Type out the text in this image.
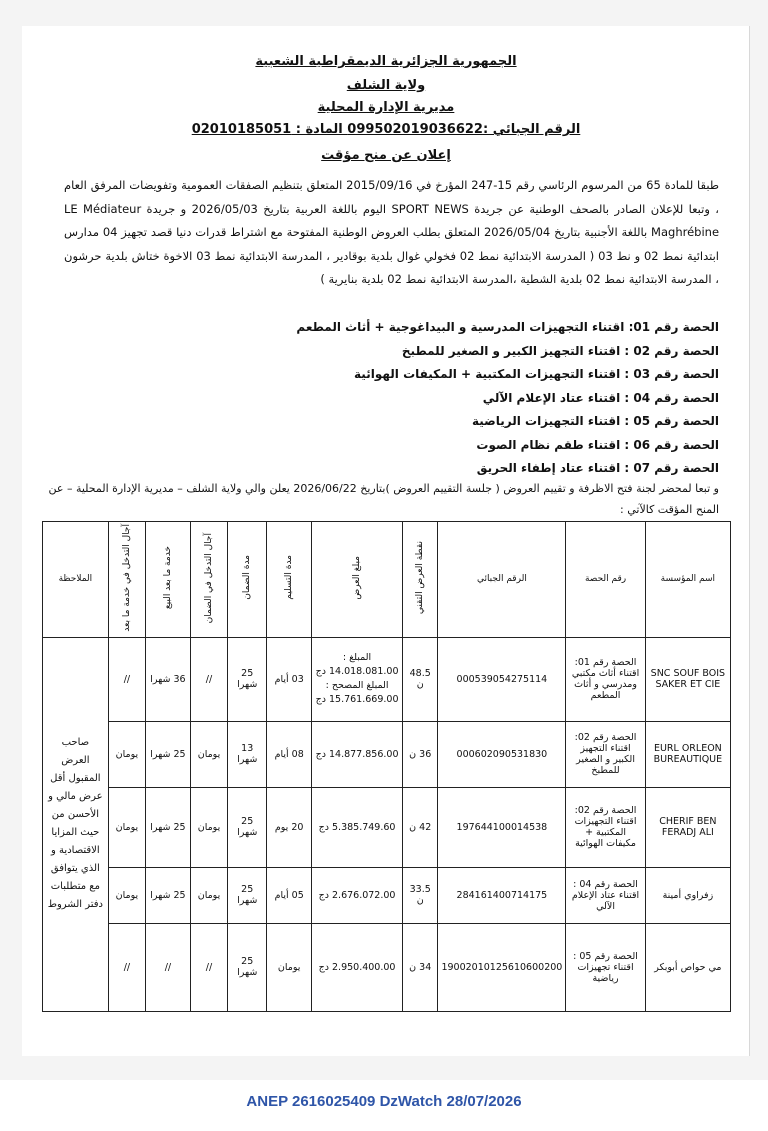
الجمهورية الجزائرية الديمقراطية الشعبية
ولاية الشلف
مديرية الإدارة المحلية
الرقم الجبائي :099502019036622 المادة : 02010185051
إعلان عن منح مؤقت
طبقا للمادة 65 من المرسوم الرئاسي رقم 15-247 المؤرخ في 2015/09/16 المتعلق بتنظيم الصفقات العمومية وتفويضات المرفق العام ، وتبعا للإعلان الصادر بالصحف الوطنية عن جريدة SPORT NEWS اليوم باللغة العربية بتاريخ 2026/05/03 و جريدة LE Médiateur Maghrébine باللغة الأجنبية بتاريخ 2026/05/04 المتعلق بطلب العروض الوطنية المفتوحة مع اشتراط قدرات دنيا قصد تجهيز 04 مدارس ابتدائية نمط 02 و نط 03 ( المدرسة الابتدائية نمط 02 فخولي غوال بلدية بوقادير ، المدرسة الابتدائية نمط 03 الاخوة ختاش بلدية حرشون ، المدرسة الابتدائية نمط 02 بلدية الشطية ،المدرسة الابتدائية نمط 02 بلدية بنايرية )
الحصة رقم 01: اقتناء التجهيزات المدرسية و البيداغوجية + أثاث المطعم
الحصة رقم 02 : اقتناء التجهيز الكبير و الصغير للمطبخ
الحصة رقم 03 : اقتناء التجهيزات المكتبية + المكيفات الهوائية
الحصة رقم 04 : اقتناء عتاد الإعلام الآلي
الحصة رقم 05 : اقتناء التجهيزات الرياضية
الحصة رقم 06 : اقتناء طقم نظام الصوت
الحصة رقم 07 : اقتناء عتاد إطفاء الحريق
و تبعا لمحضر لجنة فتح الاظرفة و تقييم العروض ( جلسة التقييم العروض )بتاريخ 2026/06/22 يعلن والي ولاية الشلف – مديرية الإدارة المحلية – عن المنح المؤقت كالآتي :
اسم المؤسسة	رقم الحصة	الرقم الجبائي	نقطة العرض التقني	مبلغ العرض	مدة التسليم	مدة الضمان	آجال التدخل في الضمان	خدمة ما بعد البيع	آجال التدخل في خدمة ما بعد	الملاحظة
SNC SOUF BOIS SAKER ET CIE	الحصة رقم 01: اقتناء أثاث مكتبي ومدرسي و أثاث المطعم	000539054275114	48.5 ن	المبلغ :
14.018.081.00 دج
المبلغ المصحح :
15.761.669.00 دج	03 أيام	25 شهرا	//	36 شهرا	//	صاحب العرض المقبول أقل عرض مالي و الأحسن من حيث المزايا الاقتصادية و الذي يتوافق مع متطلبات دفتر الشروط
EURL ORLEON BUREAUTIQUE	الحصة رقم 02: اقتناء التجهيز الكبير و الصغير للمطبخ	000602090531830	36 ن	14.877.856.00 دج	08 أيام	13 شهرا	يومان	25 شهرا	يومان	
CHERIF BEN FERADJ ALI	الحصة رقم 02: اقتناء التجهيزات المكتبية + مكيفات الهوائية	197644100014538	42 ن	5.385.749.60 دج	20 يوم	25 شهرا	يومان	25 شهرا	يومان	
زفراوي أمينة	الحصة رقم 04 : اقتناء عتاد الإعلام الآلي	284161400714175	33.5 ن	2.676.072.00 دج	05 أيام	25 شهرا	يومان	25 شهرا	يومان	
مي حواص أبوبكر	الحصة رقم 05 : اقتناء تجهيزات رياضية	19002010125610600200	34 ن	2.950.400.00 دج	يومان	25 شهرا	//	//	//	
ANEP 2616025409 DzWatch 28/07/2026
